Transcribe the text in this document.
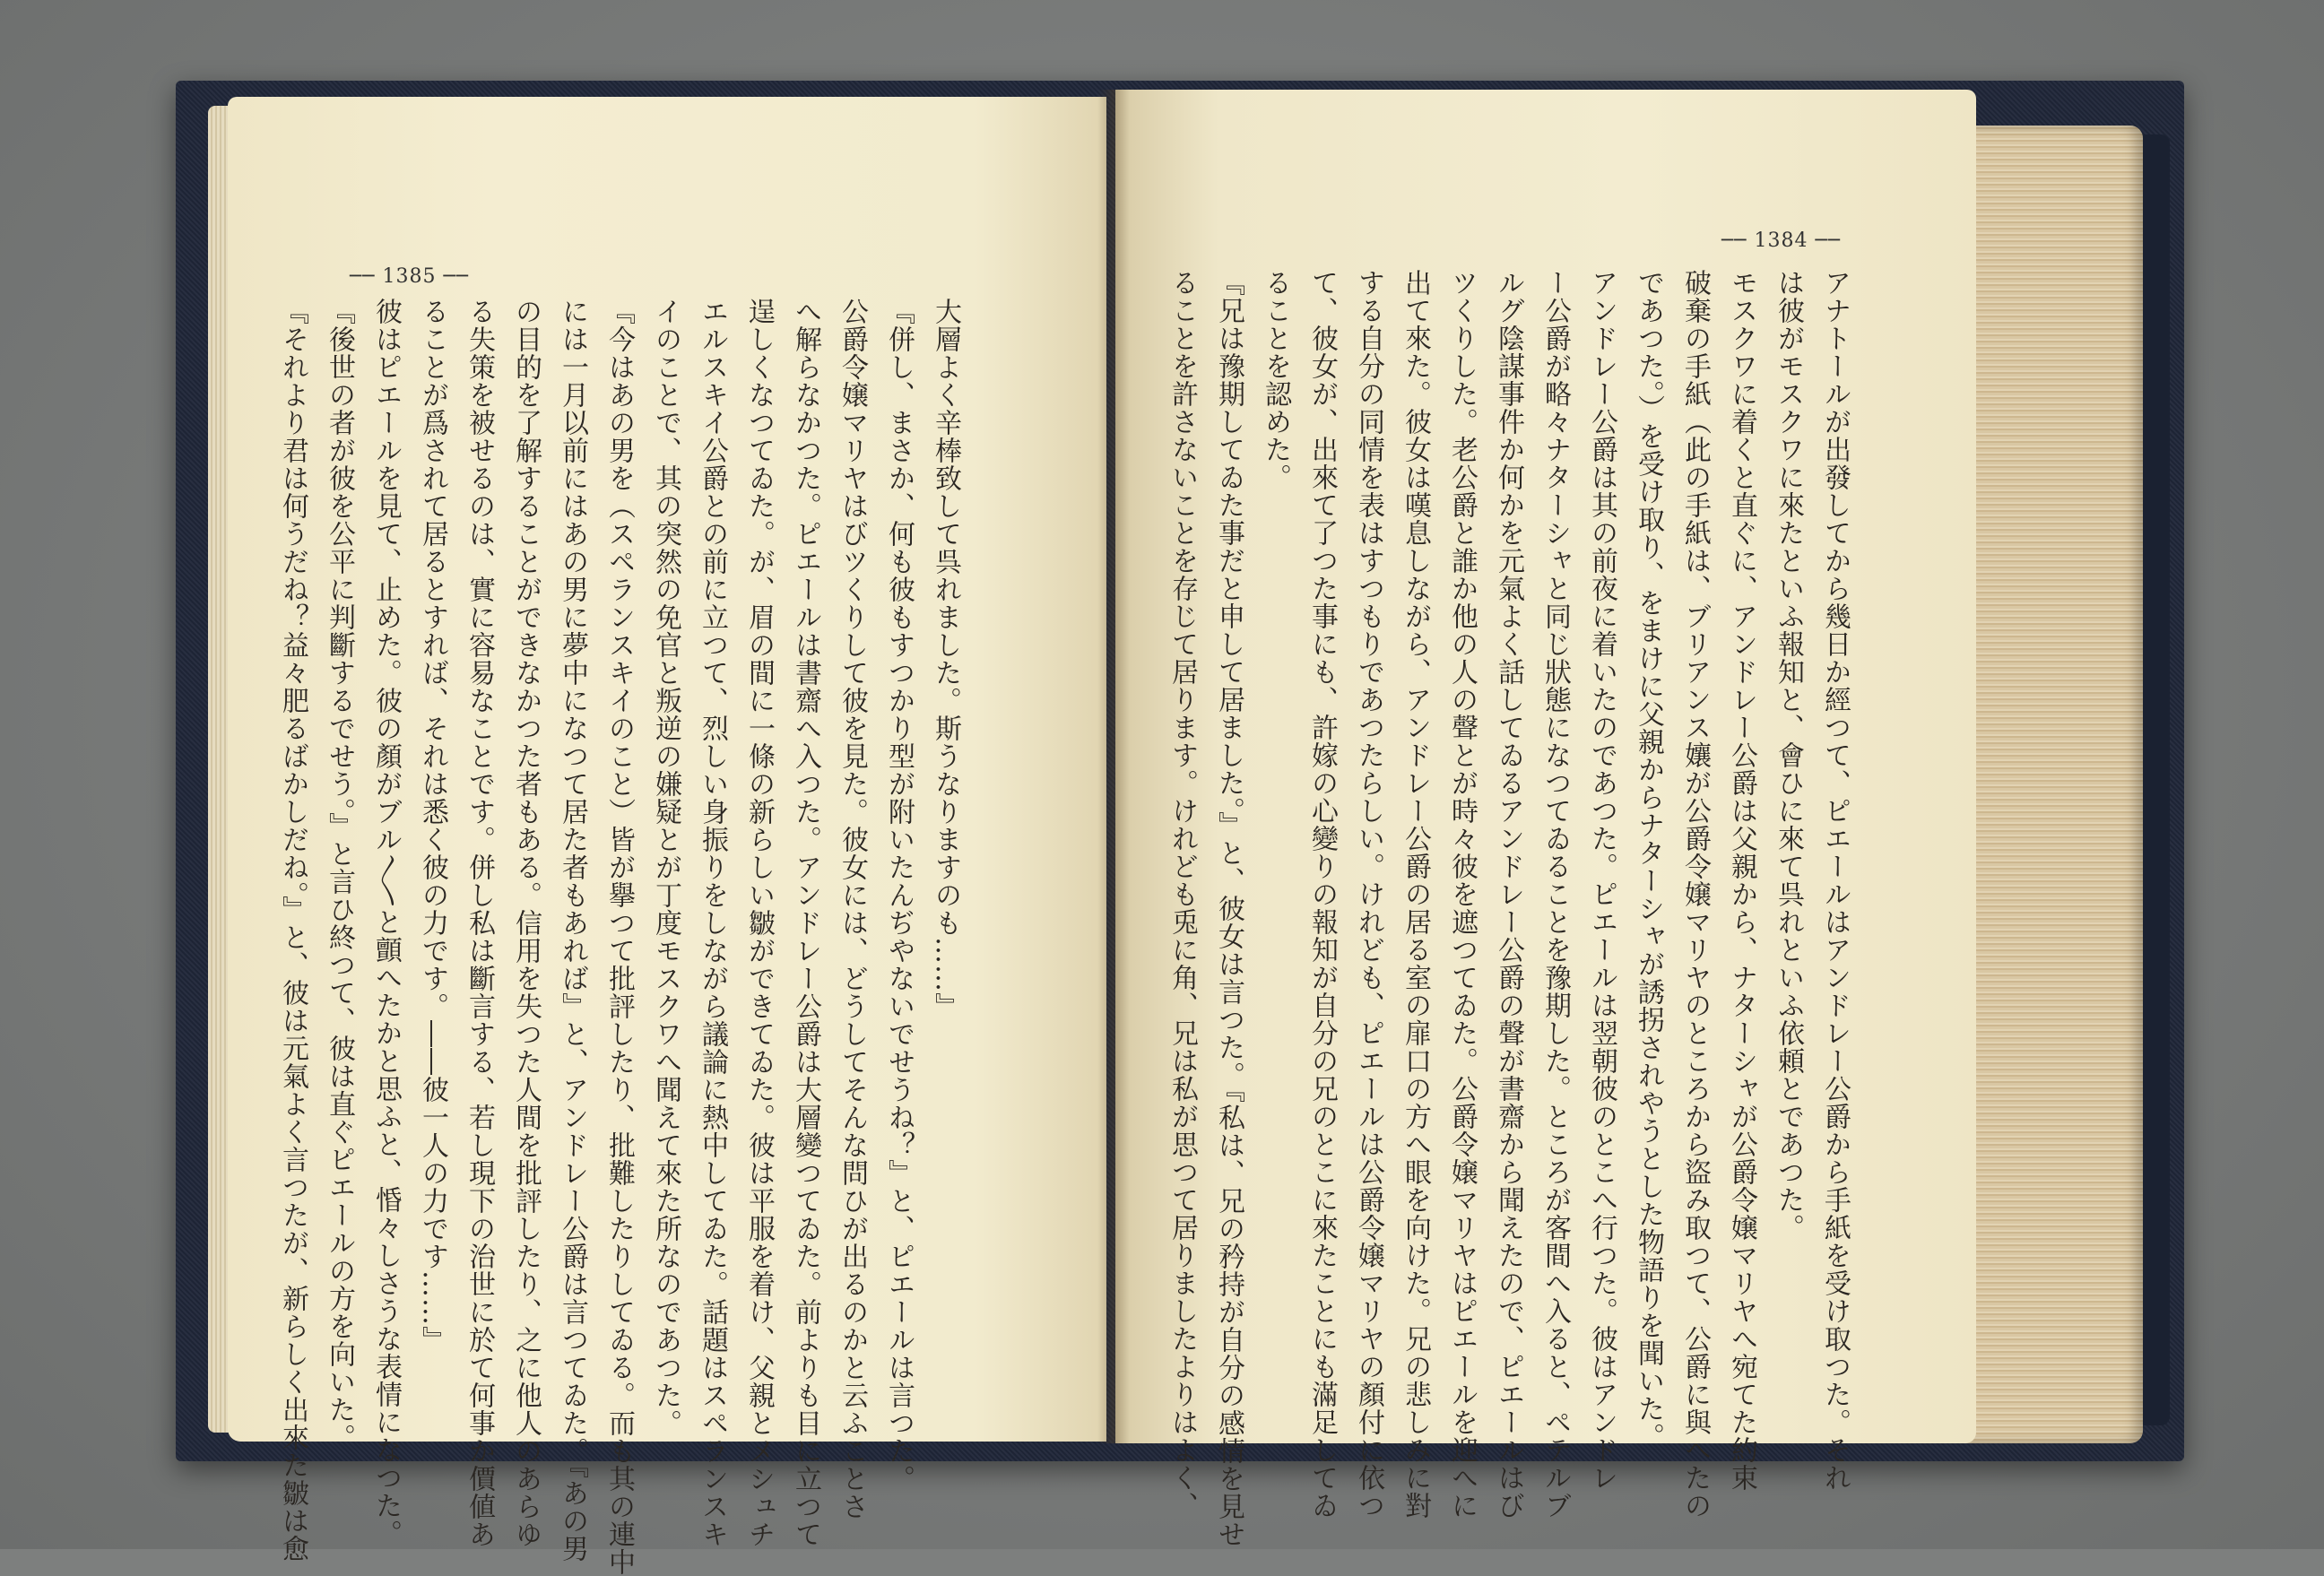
── 1385 ──
── 1384 ──

アナトールが出發してから幾日か經つて、ピエールはアンドレー公爵から手紙を受け取つた。それ

は彼がモスクワに來たといふ報知と、會ひに來て呉れといふ依頼とであつた。

モスクワに着くと直ぐに、アンドレー公爵は父親から、ナターシャが公爵令嬢マリヤへ宛てた約束

破棄の手紙（此の手紙は、ブリアンス孃が公爵令嬢マリヤのところから盜み取つて、公爵に與へたの

であつた。）を受け取り、をまけに父親からナターシャが誘拐されやうとした物語りを聞いた。

アンドレー公爵は其の前夜に着いたのであつた。ピエールは翌朝彼のとこへ行つた。彼はアンドレ

ー公爵が略々ナターシャと同じ狀態になつてゐることを豫期した。ところが客間へ入ると、ペテルブ

ルグ陰謀事件か何かを元氣よく話してゐるアンドレー公爵の聲が書齋から聞えたので、ピエールはび

ツくりした。老公爵と誰か他の人の聲とが時々彼を遮つてゐた。公爵令嬢マリヤはピエールを迎へに

出て來た。彼女は嘆息しながら、アンドレー公爵の居る室の扉口の方へ眼を向けた。兄の悲しみに對

する自分の同情を表はすつもりであつたらしい。けれども、ピエールは公爵令嬢マリヤの顏付に依つ

て、彼女が、出來て了つた事にも、許嫁の心變りの報知が自分の兄のとこに來たことにも滿足してゐ

ることを認めた。

『兄は豫期してゐた事だと申して居ました。』と、彼女は言つた。『私は、兄の矜持が自分の感情を見せ

ることを許さないことを存じて居ります。けれども兎に角、兄は私が思つて居りましたよりはよく、

大層よく辛棒致して呉れました。斯うなりますのも……』

『併し、まさか、何も彼もすつかり型が附いたんぢやないでせうね？』と、ピエールは言つた。

公爵令嬢マリヤはびツくりして彼を見た。彼女には、どうしてそんな問ひが出るのかと云ふことさ

へ解らなかつた。ピエールは書齋へ入つた。アンドレー公爵は大層變つてゐた。前よりも目に立つて

逞しくなつてゐた。が、眉の間に一條の新らしい皺ができてゐた。彼は平服を着け、父親とメシュチ

エルスキイ公爵との前に立つて、烈しい身振りをしながら議論に熱中してゐた。話題はスペランスキ

イのことで、其の突然の免官と叛逆の嫌疑とが丁度モスクワへ聞えて來た所なのであつた。

『今はあの男を（スペランスキイのこと）皆が擧つて批評したり、批難したりしてゐる。而も其の連中

には一月以前にはあの男に夢中になつて居た者もあれば』と、アンドレー公爵は言つてゐた。『あの男

の目的を了解することができなかつた者もある。信用を失つた人間を批評したり、之に他人のあらゆ

る失策を被せるのは、實に容易なことです。併し私は斷言する、若し現下の治世に於て何事か價値あ

ることが爲されて居るとすれば、それは悉く彼の力です。――彼一人の力です……』

彼はピエールを見て、止めた。彼の顏がブル〳〵と顫へたかと思ふと、惛々しさうな表情になつた。

『後世の者が彼を公平に判斷するでせう。』と言ひ終つて、彼は直ぐピエールの方を向いた。

『それより君は何うだね？益々肥るばかしだね。』と、彼は元氣よく言つたが、新らしく出來た皺は愈
